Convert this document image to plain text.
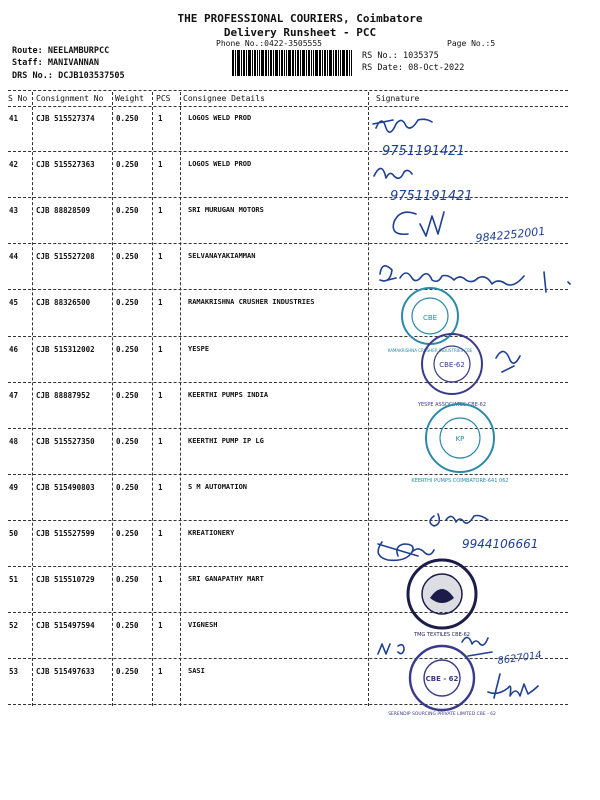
THE PROFESSIONAL COURIERS, Coimbatore
Delivery Runsheet - PCC
Phone No.:0422-3505555	Page No.:5
Route: NEELAMBURPCC
Staff: MANIVANNAN
DRS No.: DCJB103537505
RS No.: 1035375
RS Date: 08-Oct-2022
S No Consignment No Weight PCS Consignee Details	Signature
41 CJB 515527374	0.250	1	LOGOS WELD PROD
42 CJB 515527363	0.250	1	LOGOS WELD PROD
43 CJB 88828509	0.250	1	SRI MURUGAN MOTORS
44 CJB 515527208	0.250	1	SELVANAYAKIAMMAN
45 CJB 88326500	0.250	1	RAMAKRISHNA CRUSHER INDUSTRIES
46 CJB 515312002	0.250	1	YESPE
47 CJB 88887952	0.250	1	KEERTHI PUMPS INDIA
48 CJB 515527350	0.250	1	KEERTHI PUMP IP LG
49 CJB 515490803	0.250	1	S M AUTOMATION
50 CJB 515527599	0.250	1	KREATIONERY
51 CJB 515510729	0.250	1	SRI GANAPATHY MART
52 CJB 515497594	0.250	1	VIGNESH
53 CJB 515497633	0.250	1	SASI
9751191421
9751191421
9842252001
CBE
RAMAKRISHNA CRUSHER INDUSTRIES CBE
CBE-62
YESPE ASSOCIATES CBE-62
KP
KEERTHI PUMPS COIMBATORE-641 062
9944106661
TMG TEXTILES CBE-62
8627014
CBE - 62
SERENDIP SOURCING PRIVATE LIMITED CBE - 62
